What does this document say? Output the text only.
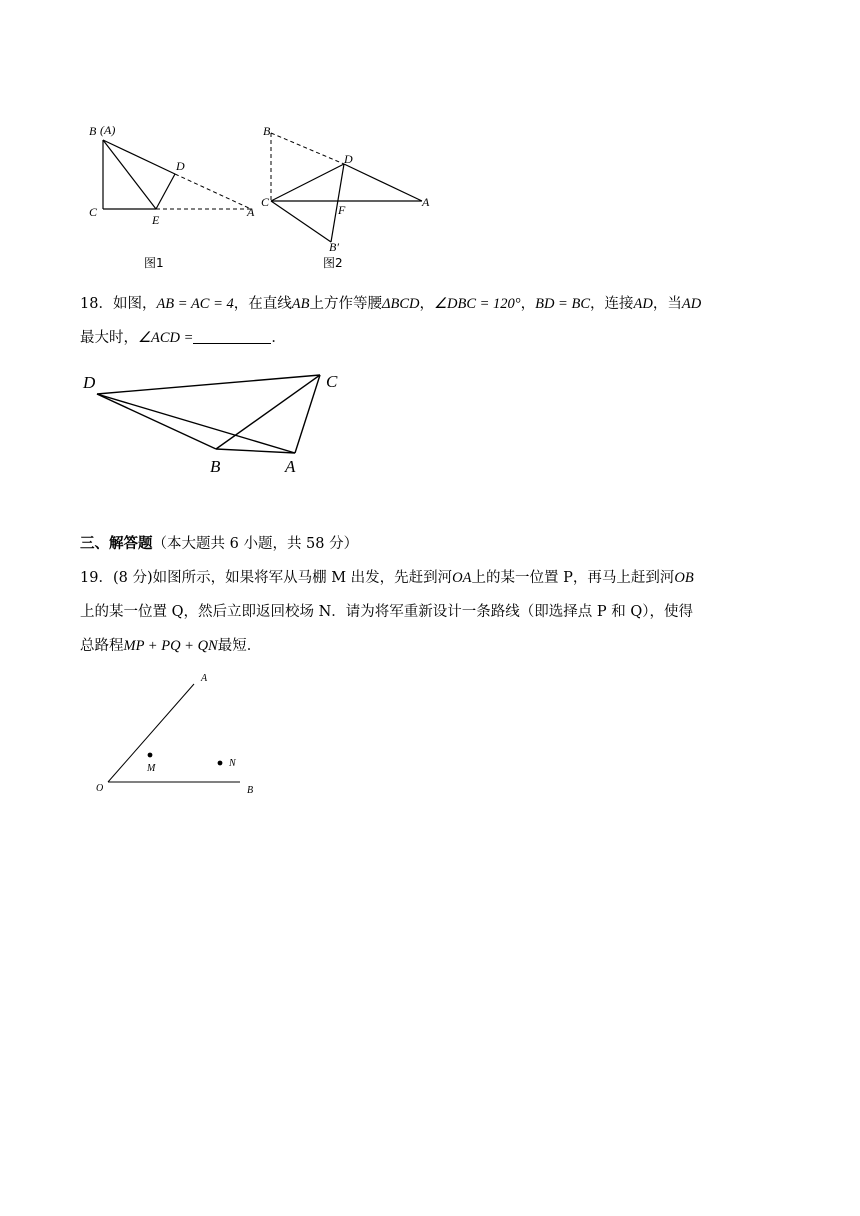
B (A)
D
C
E
A
图1
B
D
C
F
A
B′
图2
18．如图，AB = AC = 4，在直线AB上方作等腰ΔBCD，∠DBC = 120°，BD = BC，连接AD，当AD
最大时，∠ACD =	．
D	C
B	A
三、解答题（本大题共 6 小题，共 58 分）
19．(8 分)如图所示，如果将军从马棚 M 出发，先赶到河OA上的某一位置 P，再马上赶到河OB
上的某一位置 Q，然后立即返回校场 N．请为将军重新设计一条路线（即选择点 P 和 Q），使得
总路程MP + PQ + QN最短．
A
O	B
M	N
